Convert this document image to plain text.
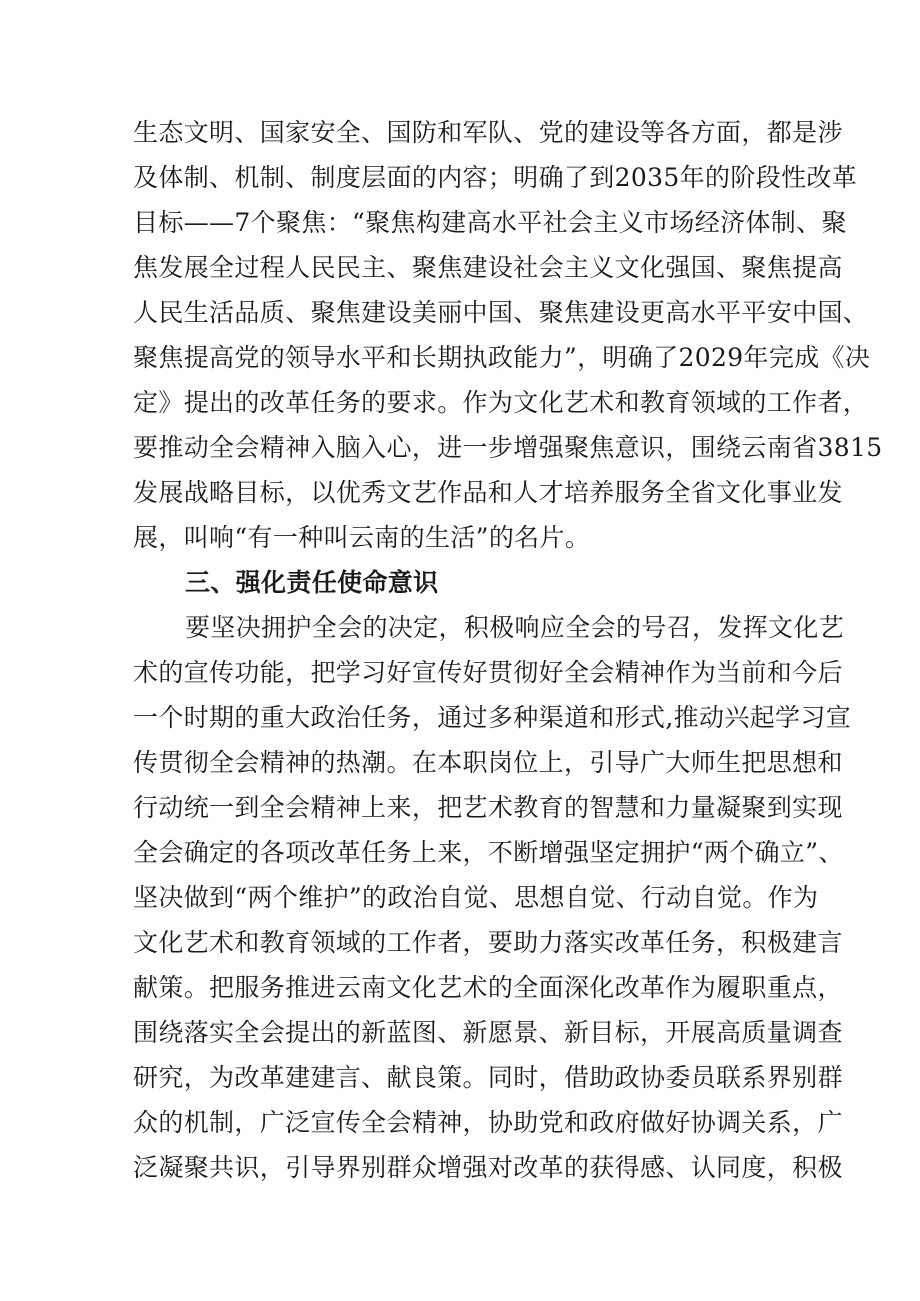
生态文明、国家安全、国防和军队、党的建设等各方面，都是涉
及体制、机制、制度层面的内容；明确了到2035年的阶段性改革
目标——7个聚焦：“聚焦构建高水平社会主义市场经济体制、聚
焦发展全过程人民民主、聚焦建设社会主义文化强国、聚焦提高
人民生活品质、聚焦建设美丽中国、聚焦建设更高水平平安中国、
聚焦提高党的领导水平和长期执政能力”，明确了2029年完成《决
定》提出的改革任务的要求。作为文化艺术和教育领域的工作者，
要推动全会精神入脑入心，进一步增强聚焦意识，围绕云南省3815
发展战略目标，以优秀文艺作品和人才培养服务全省文化事业发
展，叫响“有一种叫云南的生活”的名片。
三、强化责任使命意识
要坚决拥护全会的决定，积极响应全会的号召，发挥文化艺
术的宣传功能，把学习好宣传好贯彻好全会精神作为当前和今后
一个时期的重大政治任务，通过多种渠道和形式,推动兴起学习宣
传贯彻全会精神的热潮。在本职岗位上，引导广大师生把思想和
行动统一到全会精神上来，把艺术教育的智慧和力量凝聚到实现
全会确定的各项改革任务上来，不断增强坚定拥护“两个确立”、
坚决做到“两个维护”的政治自觉、思想自觉、行动自觉。作为
文化艺术和教育领域的工作者，要助力落实改革任务，积极建言
献策。把服务推进云南文化艺术的全面深化改革作为履职重点，
围绕落实全会提出的新蓝图、新愿景、新目标，开展高质量调查
研究，为改革建建言、献良策。同时，借助政协委员联系界别群
众的机制，广泛宣传全会精神，协助党和政府做好协调关系，广
泛凝聚共识，引导界别群众增强对改革的获得感、认同度，积极
